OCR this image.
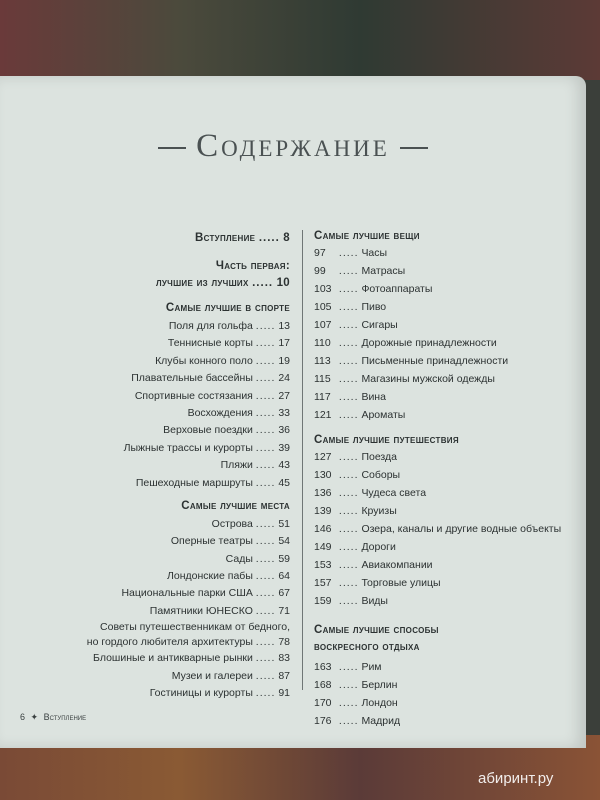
Содержание
Вступление ..... 8
Часть первая:
лучшие из лучших ..... 10
Самые лучшие в спорте
Поля для гольфа ..... 13
Теннисные корты ..... 17
Клубы конного поло ..... 19
Плавательные бассейны ..... 24
Спортивные состязания ..... 27
Восхождения ..... 33
Верховые поездки ..... 36
Лыжные трассы и курорты ..... 39
Пляжи ..... 43
Пешеходные маршруты ..... 45
Самые лучшие места
Острова ..... 51
Оперные театры ..... 54
Сады ..... 59
Лондонские пабы ..... 64
Национальные парки США ..... 67
Памятники ЮНЕСКО ..... 71
Советы путешественникам от бедного,
но гордого любителя архитектуры ..... 78
Блошиные и антикварные рынки ..... 83
Музеи и галереи ..... 87
Гостиницы и курорты ..... 91
Самые лучшие вещи
97 ..... Часы
99 ..... Матрасы
103 ..... Фотоаппараты
105 ..... Пиво
107 ..... Сигары
110 ..... Дорожные принадлежности
113 ..... Письменные принадлежности
115 ..... Магазины мужской одежды
117 ..... Вина
121 ..... Ароматы
Самые лучшие путешествия
127 ..... Поезда
130 ..... Соборы
136 ..... Чудеса света
139 ..... Круизы
146 ..... Озера, каналы и другие водные объекты
149 ..... Дороги
153 ..... Авиакомпании
157 ..... Торговые улицы
159 ..... Виды
Самые лучшие способы
воскресного отдыха
163 ..... Рим
168 ..... Берлин
170 ..... Лондон
176 ..... Мадрид
6 ✦ Вступление
абиринт.ру
